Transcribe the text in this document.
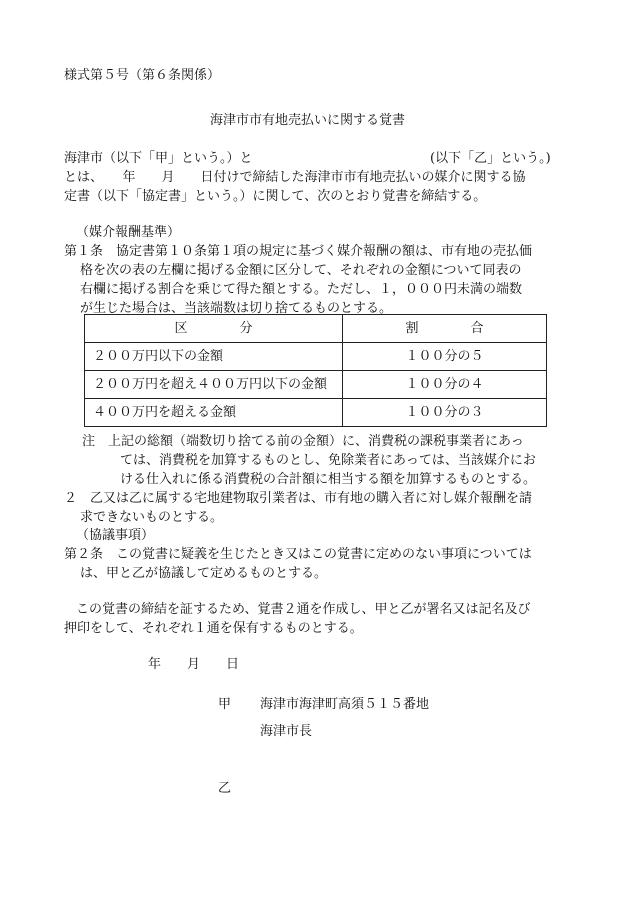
様式第５号（第６条関係）
海津市市有地売払いに関する覚書
海津市（以下「甲」という。）と	(以下「乙」という。)
とは、　　年　　月　　日付けで締結した海津市市有地売払いの媒介に関する協
定書（以下「協定書」という。）に関して、次のとおり覚書を締結する。
（媒介報酬基準）
第１条　協定書第１０条第１項の規定に基づく媒介報酬の額は、市有地の売払価
格を次の表の左欄に掲げる金額に区分して、それぞれの金額について同表の
右欄に掲げる割合を乗じて得た額とする。ただし、１，０００円未満の端数
が生じた場合は、当該端数は切り捨てるものとする。
区　　　　分	割　　　　合
２００万円以下の金額	１００分の５
２００万円を超え４００万円以下の金額	１００分の４
４００万円を超える金額	１００分の３
注 上記の総額（端数切り捨てる前の金額）に、消費税の課税事業者にあっ
ては、消費税を加算するものとし、免除業者にあっては、当該媒介にお
ける仕入れに係る消費税の合計額に相当する額を加算するものとする。
２　乙又は乙に属する宅地建物取引業者は、市有地の購入者に対し媒介報酬を請
求できないものとする。
（協議事項）
第２条　この覚書に疑義を生じたとき又はこの覚書に定めのない事項については
は、甲と乙が協議して定めるものとする。
この覚書の締結を証するため、覚書２通を作成し、甲と乙が署名又は記名及び
押印をして、それぞれ１通を保有するものとする。
年　　月　　日
甲 海津市海津町高須５１５番地
海津市長
乙
